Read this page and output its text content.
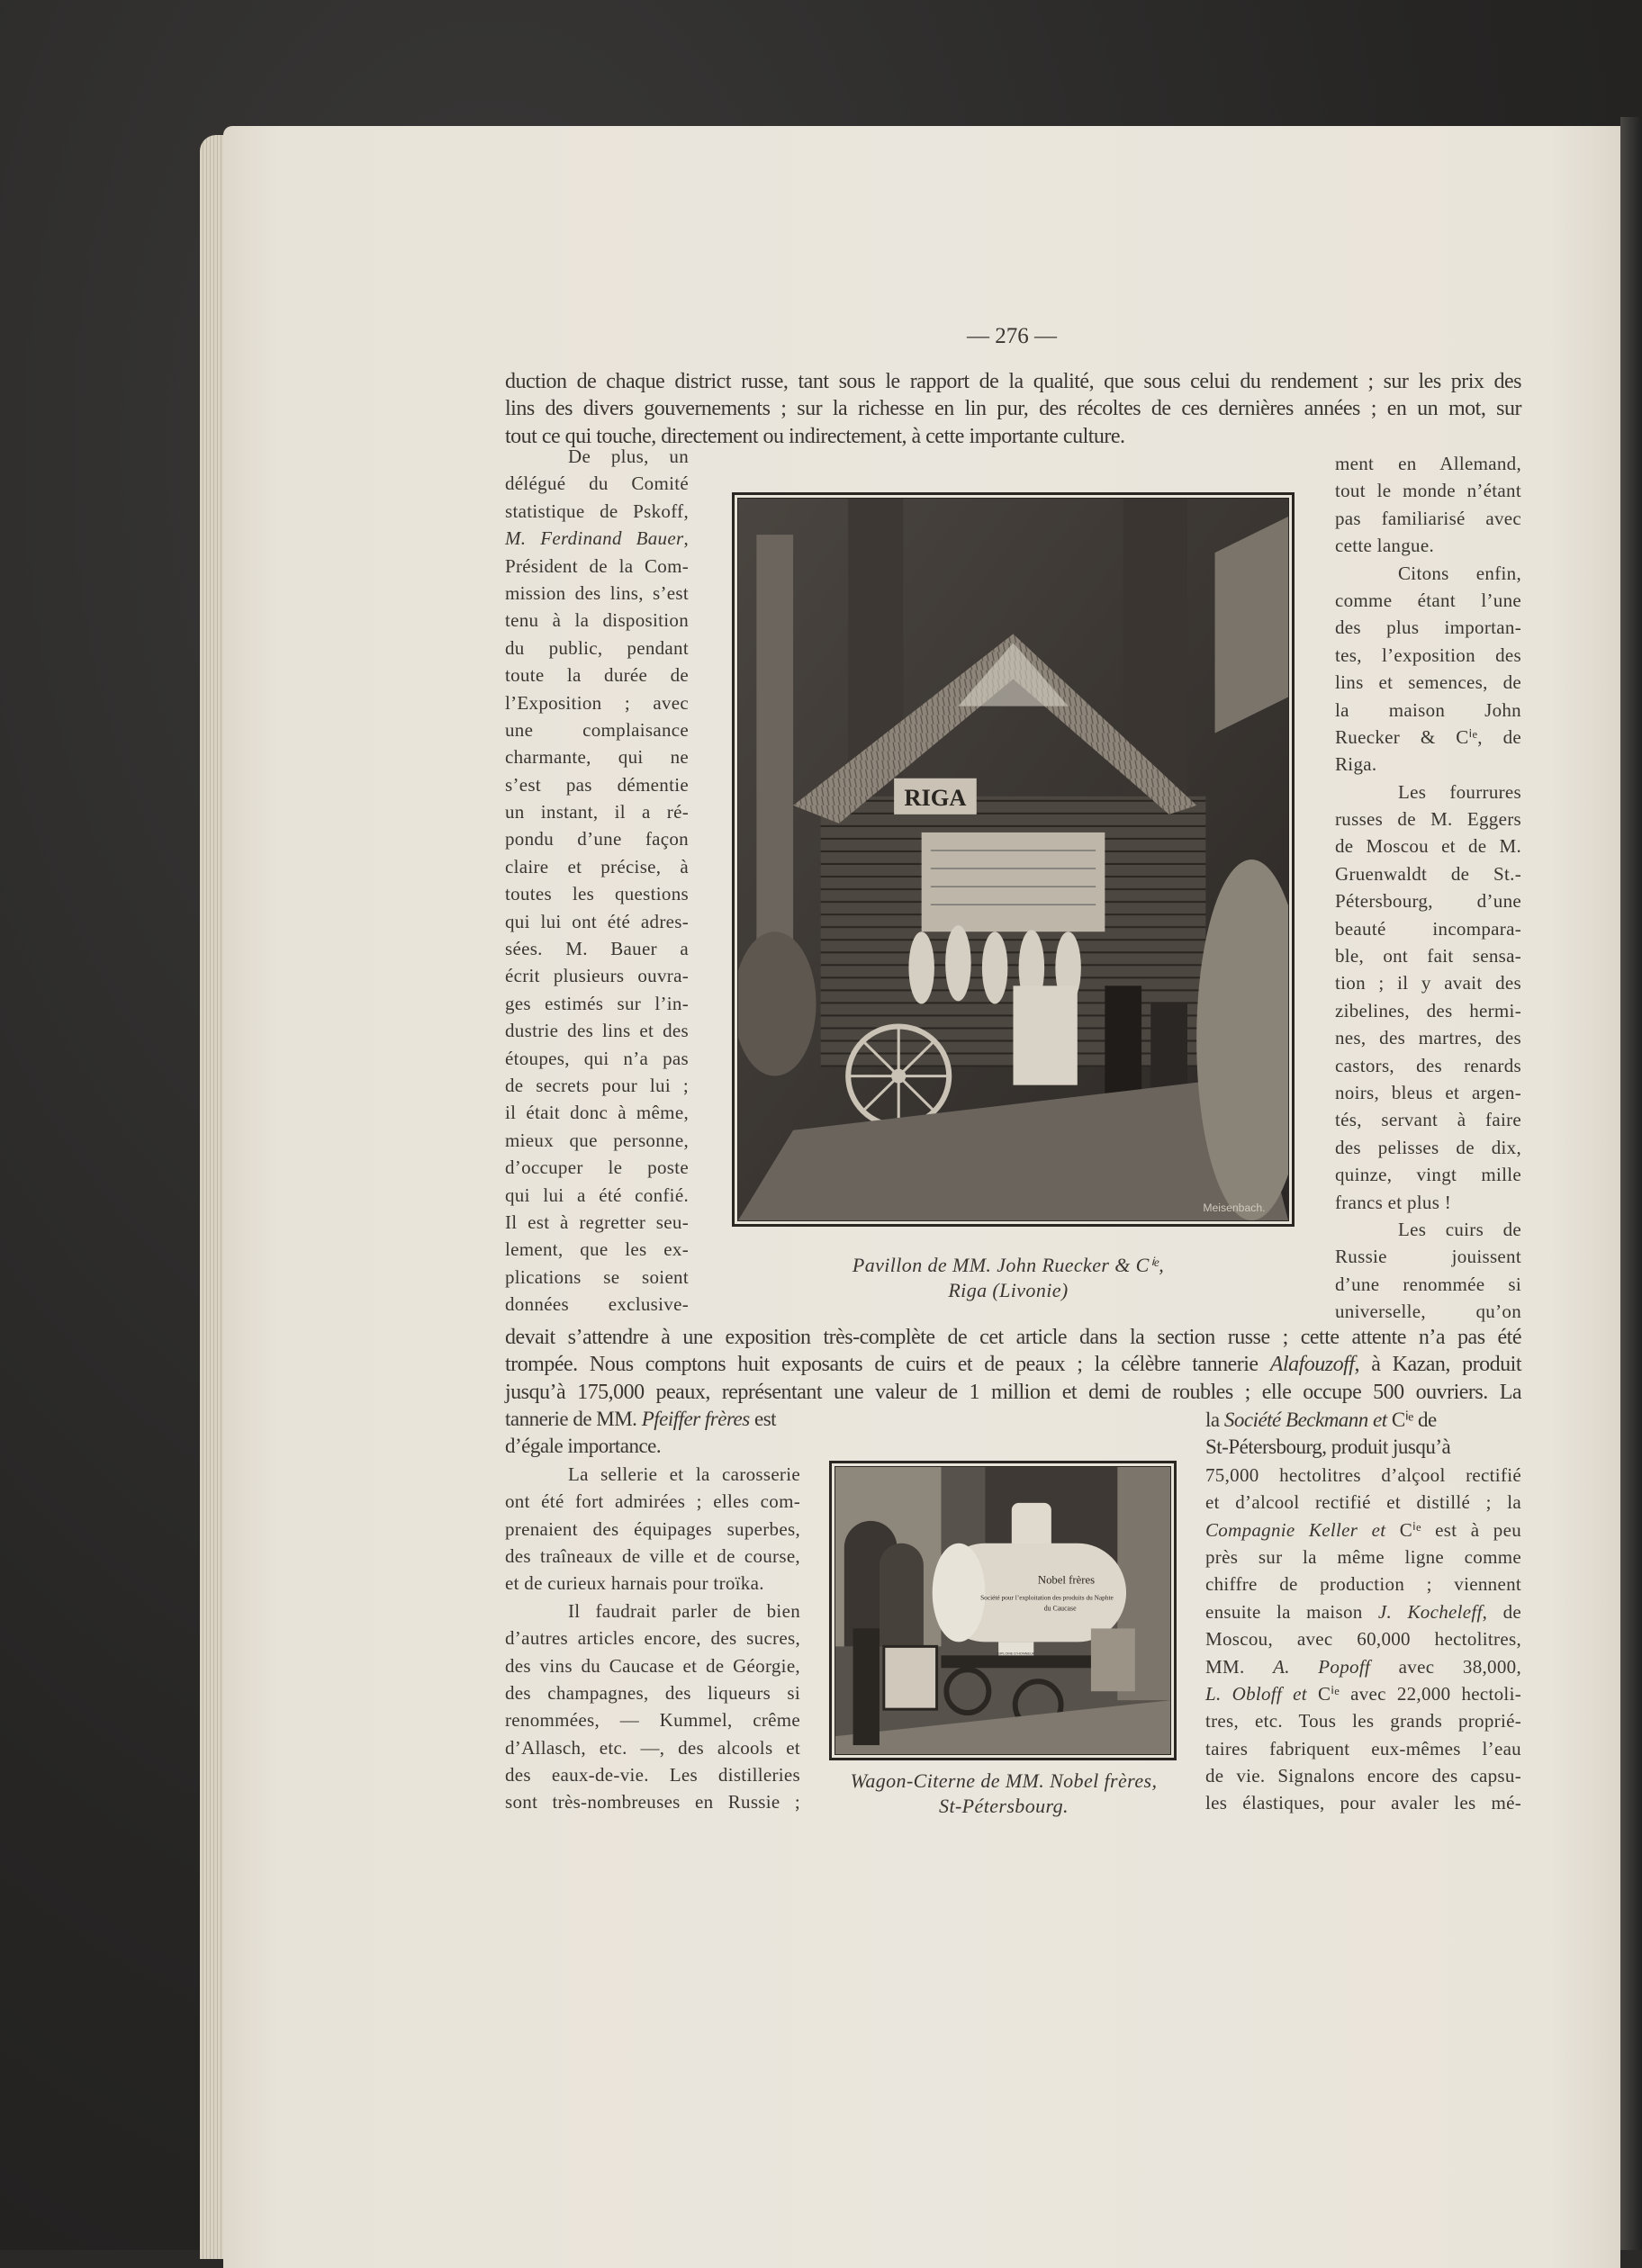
— 276 —
duction de chaque district russe, tant sous le rapport de la qualité, que sous celui du rendement ; sur les prix des
lins des divers gouvernements ; sur la richesse en lin pur, des récoltes de ces dernières années ; en un mot, sur
tout ce qui touche, directement ou indirectement, à cette importante culture.
De plus, un
délégué du Comité
statistique de Pskoff,
M. Ferdinand Bauer,
Président de la Com-
mission des lins, s’est
tenu à la disposition
du public, pendant
toute la durée de
l’Exposition ; avec
une complaisance
charmante, qui ne
s’est pas démentie
un instant, il a ré-
pondu d’une façon
claire et précise, à
toutes les questions
qui lui ont été adres-
sées. M. Bauer a
écrit plusieurs ouvra-
ges estimés sur l’in-
dustrie des lins et des
étoupes, qui n’a pas
de secrets pour lui ;
il était donc à même,
mieux que personne,
d’occuper le poste
qui lui a été confié.
Il est à regretter seu-
lement, que les ex-
plications se soient
données exclusive-
ment en Allemand,
tout le monde n’étant
pas familiarisé avec
cette langue.
Citons enfin,
comme étant l’une
des plus importan-
tes, l’exposition des
lins et semences, de
la maison John
Ruecker & Cⁱᵉ, de
Riga.
Les fourrures
russes de M. Eggers
de Moscou et de M.
Gruenwaldt de St.-
Pétersbourg, d’une
beauté incompara-
ble, ont fait sensa-
tion ; il y avait des
zibelines, des hermi-
nes, des martres, des
castors, des renards
noirs, bleus et argen-
tés, servant à faire
des pelisses de dix,
quinze, vingt mille
francs et plus !
Les cuirs de
Russie jouissent
d’une renommée si
universelle, qu’on
devait s’attendre à une exposition très-complète de cet article dans la section russe ; cette attente n’a pas été
trompée. Nous comptons huit exposants de cuirs et de peaux ; la célèbre tannerie Alafouzoff, à Kazan, produit
jusqu’à 175,000 peaux, représentant une valeur de 1 million et demi de roubles ; elle occupe 500 ouvriers. La
tannerie de MM. Pfeiffer frères est
d’égale importance.
La sellerie et la carosserie
ont été fort admirées ; elles com-
prenaient des équipages superbes,
des traîneaux de ville et de course,
et de curieux harnais pour troïka.
Il faudrait parler de bien
d’autres articles encore, des sucres,
des vins du Caucase et de Géorgie,
des champagnes, des liqueurs si
renommées, — Kummel, crême
d’Allasch, etc. —, des alcools et
des eaux-de-vie. Les distilleries
sont très-nombreuses en Russie ;
la Société Beckmann et Cⁱᵉ de
St-Pétersbourg, produit jusqu’à
75,000 hectolitres d’alçool rectifié
et d’alcool rectifié et distillé ; la
Compagnie Keller et Cⁱᵉ est à peu
près sur la même ligne comme
chiffre de production ; viennent
ensuite la maison J. Kocheleff, de
Moscou, avec 60,000 hectolitres,
MM. A. Popoff avec 38,000,
L. Obloff et Cⁱᵉ avec 22,000 hectoli-
tres, etc. Tous les grands proprié-
taires fabriquent eux-mêmes l’eau
de vie. Signalons encore des capsu-
les élastiques, pour avaler les mé-
RIGA
Meisenbach.
Pavillon de MM. John Ruecker & Cⁱᵉ,
Riga (Livonie)
Nobel frères
Société pour l’exploitation des produits du Naphte
du Caucase
DIPLOME D’HONNEUR
Wagon-Citerne de MM. Nobel frères,
St-Pétersbourg.
